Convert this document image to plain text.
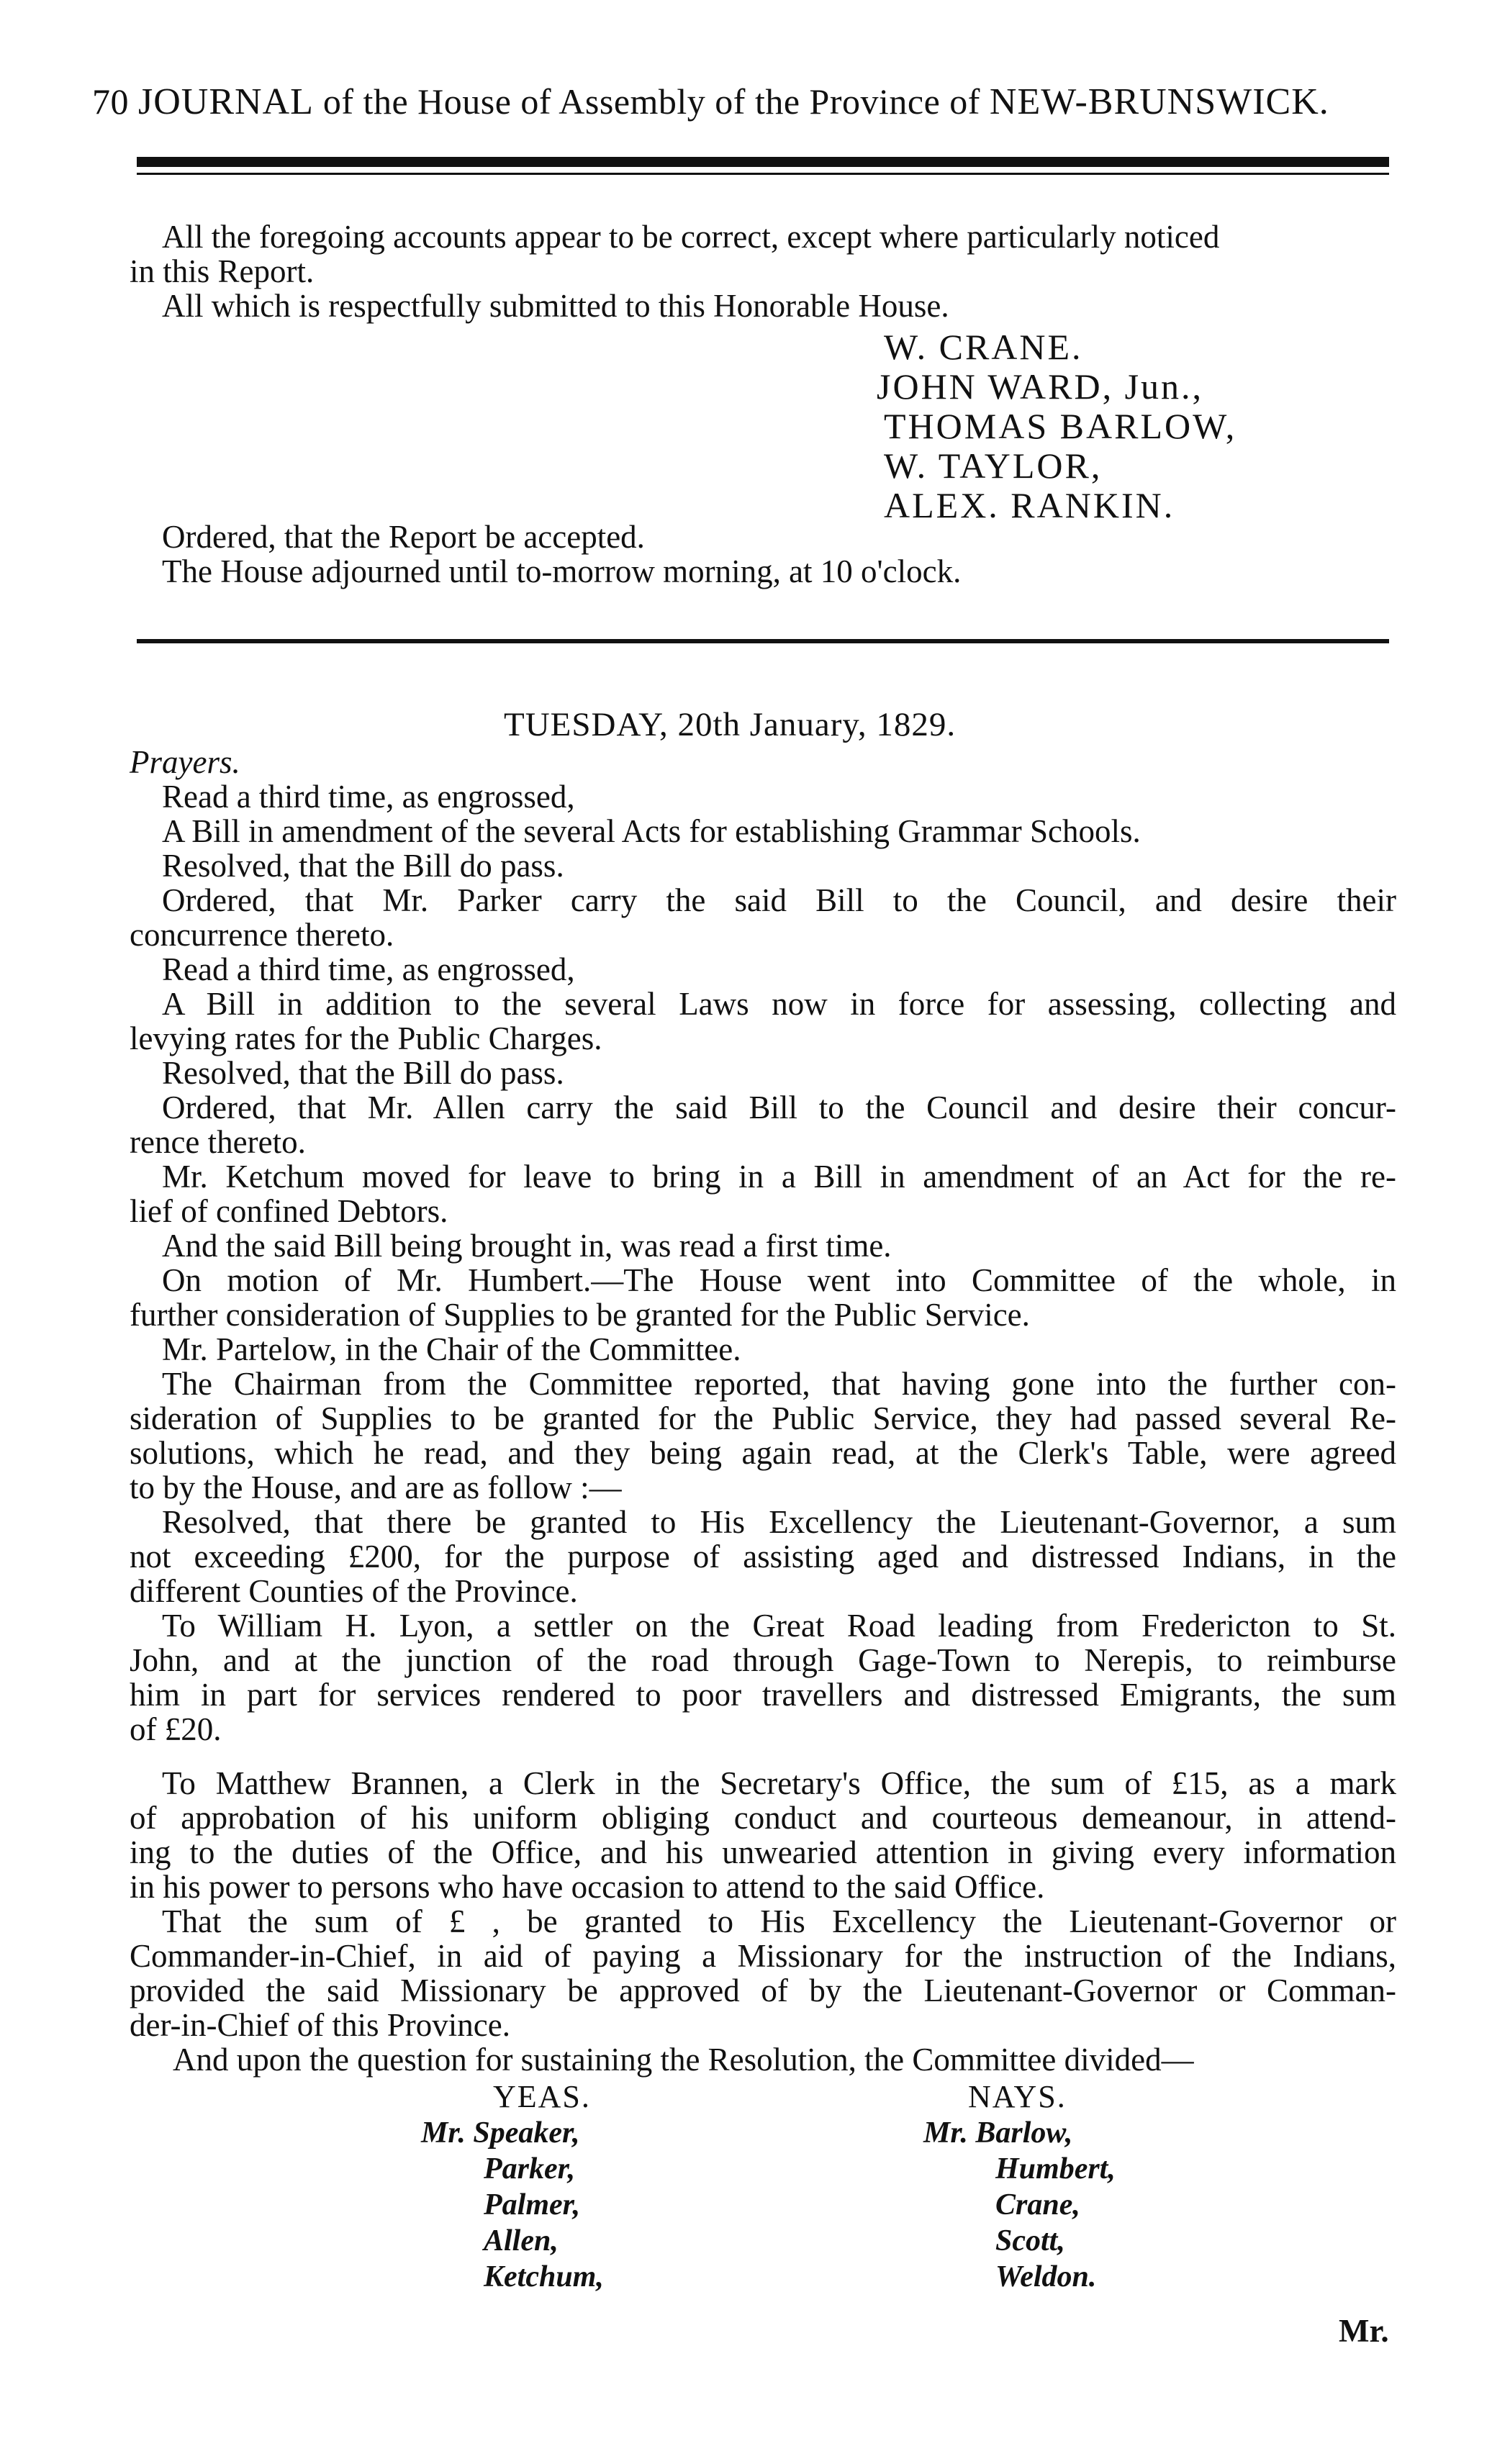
70 JOURNAL of the House of Assembly of the Province of NEW-BRUNSWICK.
All the foregoing accounts appear to be correct, except where particularly noticed
in this Report.
All which is respectfully submitted to this Honorable House.
W. CRANE.
JOHN WARD, Jun.,
THOMAS BARLOW,
W. TAYLOR,
ALEX. RANKIN.
Ordered, that the Report be accepted.
The House adjourned until to-morrow morning, at 10 o'clock.
TUESDAY, 20th January, 1829.
Prayers.
Read a third time, as engrossed,
A Bill in amendment of the several Acts for establishing Grammar Schools.
Resolved, that the Bill do pass.
Ordered, that Mr. Parker carry the said Bill to the Council, and desire their
concurrence thereto.
Read a third time, as engrossed,
A Bill in addition to the several Laws now in force for assessing, collecting and
levying rates for the Public Charges.
Resolved, that the Bill do pass.
Ordered, that Mr. Allen carry the said Bill to the Council and desire their concur-
rence thereto.
Mr. Ketchum moved for leave to bring in a Bill in amendment of an Act for the re-
lief of confined Debtors.
And the said Bill being brought in, was read a first time.
On motion of Mr. Humbert.—The House went into Committee of the whole, in
further consideration of Supplies to be granted for the Public Service.
Mr. Partelow, in the Chair of the Committee.
The Chairman from the Committee reported, that having gone into the further con-
sideration of Supplies to be granted for the Public Service, they had passed several Re-
solutions, which he read, and they being again read, at the Clerk's Table, were agreed
to by the House, and are as follow :—
Resolved, that there be granted to His Excellency the Lieutenant-Governor, a sum
not exceeding £200, for the purpose of assisting aged and distressed Indians, in the
different Counties of the Province.
To William H. Lyon, a settler on the Great Road leading from Fredericton to St.
John, and at the junction of the road through Gage-Town to Nerepis, to reimburse
him in part for services rendered to poor travellers and distressed Emigrants, the sum
of £20.
To Matthew Brannen, a Clerk in the Secretary's Office, the sum of £15, as a mark
of approbation of his uniform obliging conduct and courteous demeanour, in attend-
ing to the duties of the Office, and his unwearied attention in giving every information
in his power to persons who have occasion to attend to the said Office.
That the sum of £ , be granted to His Excellency the Lieutenant-Governor or
Commander-in-Chief, in aid of paying a Missionary for the instruction of the Indians,
provided the said Missionary be approved of by the Lieutenant-Governor or Comman-
der-in-Chief of this Province.
And upon the question for sustaining the Resolution, the Committee divided—
YEAS.	NAYS.
Mr. Speaker,
Parker,
Palmer,
Allen,
Ketchum,
Mr. Barlow,
Humbert,
Crane,
Scott,
Weldon.
Mr.
